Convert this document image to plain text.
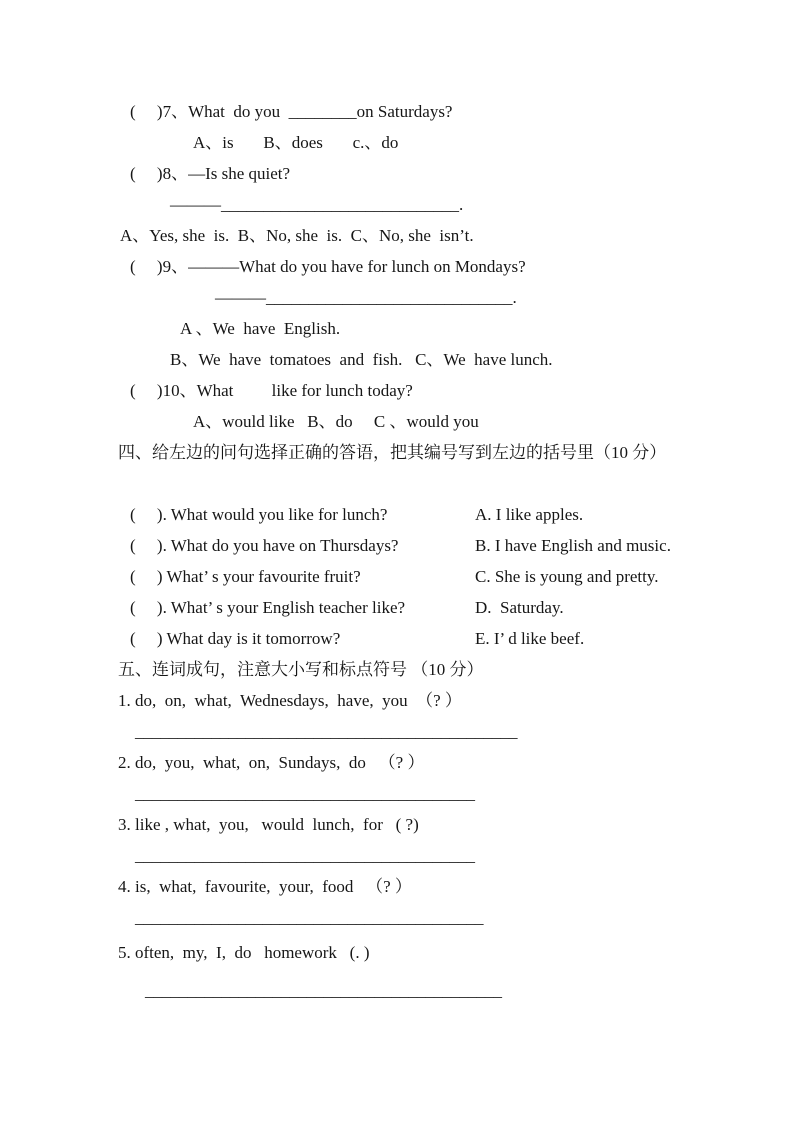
(     )7、What  do you  ________on Saturdays?
A、is       B、does       c.、do
(     )8、—Is she quiet?
———____________________________.
A、Yes, she  is.  B、No, she  is.  C、No, she  isn’t.
(     )9、———What do you have for lunch on Mondays?
———_____________________________.
A 、We  have  English.
B、We  have  tomatoes  and  fish.   C、We  have lunch.
(     )10、What         like for lunch today?
A、would like   B、do     C 、would you
四、给左边的问句选择正确的答语，把其编号写到左边的括号里（10 分）
(     ). What would you like for lunch?	A. I like apples.
(     ). What do you have on Thursdays?	B. I have English and music.
(     ) What’ s your favourite fruit?	C. She is young and pretty.
(     ). What’ s your English teacher like?	D.  Saturday.
(     ) What day is it tomorrow?	E. I’ d like beef.
五、连词成句，注意大小写和标点符号 （10 分）
1. do,  on,  what,  Wednesdays,  have,  you  （? ）
_____________________________________________
2. do,  you,  what,  on,  Sundays,  do   （? ）
________________________________________
3. like , what,  you,   would  lunch,  for   ( ?)
________________________________________
4. is,  what,  favourite,  your,  food   （? ）
_________________________________________
5. often,  my,  I,  do   homework   (. )
__________________________________________
